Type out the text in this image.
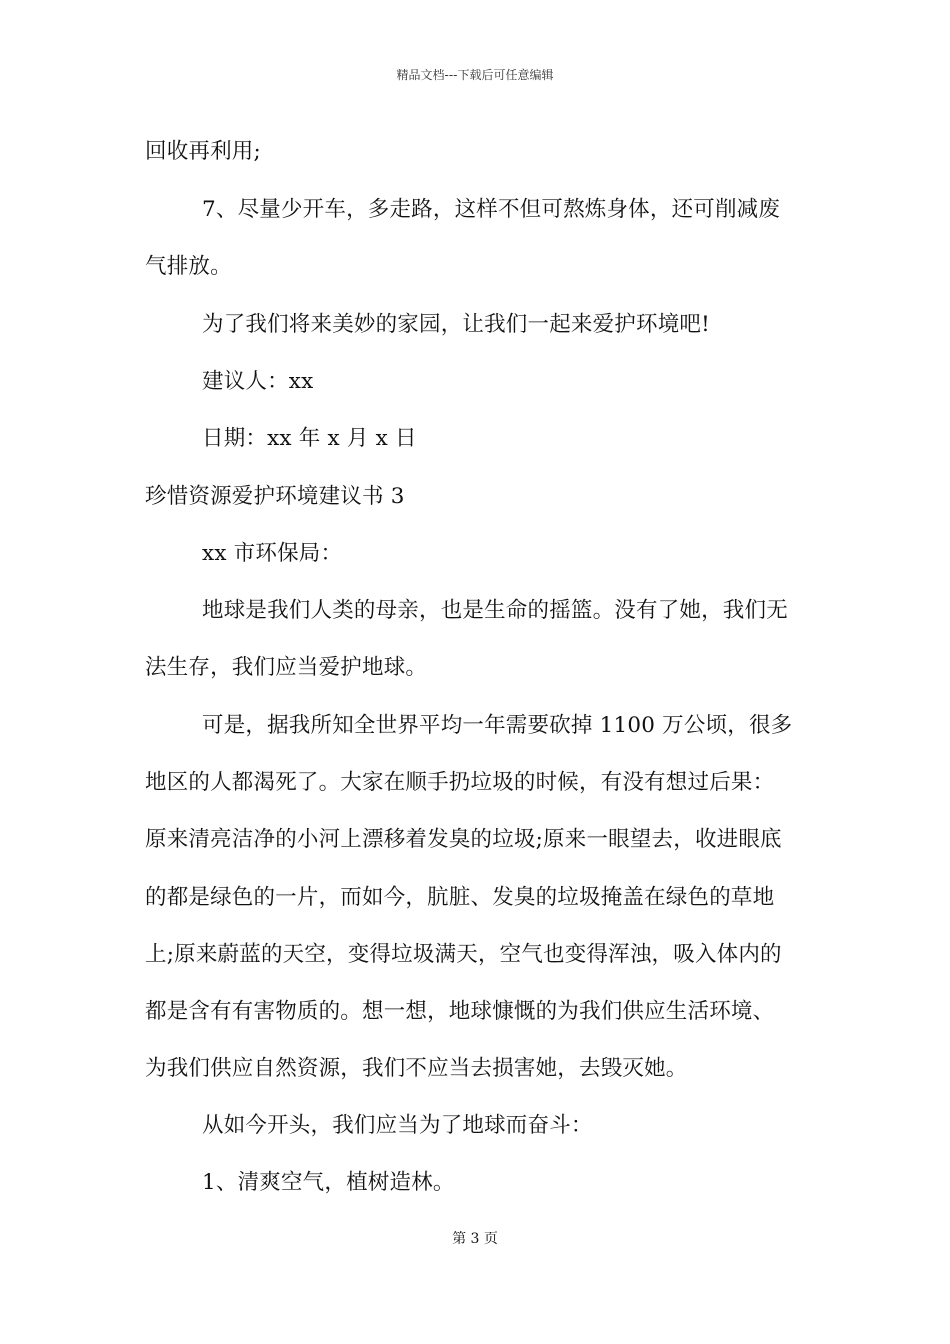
精品文档---下载后可任意编辑
回收再利用;
7、尽量少开车，多走路，这样不但可熬炼身体，还可削减废
气排放。
为了我们将来美妙的家园，让我们一起来爱护环境吧!
建议人：xx
日期：xx 年 x 月 x 日
珍惜资源爱护环境建议书 3
xx 市环保局：
地球是我们人类的母亲，也是生命的摇篮。没有了她，我们无
法生存，我们应当爱护地球。
可是，据我所知全世界平均一年需要砍掉 1100 万公顷，很多
地区的人都渴死了。大家在顺手扔垃圾的时候，有没有想过后果：
原来清亮洁净的小河上漂移着发臭的垃圾;原来一眼望去，收进眼底
的都是绿色的一片，而如今，肮脏、发臭的垃圾掩盖在绿色的草地
上;原来蔚蓝的天空，变得垃圾满天，空气也变得浑浊，吸入体内的
都是含有有害物质的。想一想，地球慷慨的为我们供应生活环境、
为我们供应自然资源，我们不应当去损害她，去毁灭她。
从如今开头，我们应当为了地球而奋斗：
1、清爽空气，植树造林。
第 3 页
